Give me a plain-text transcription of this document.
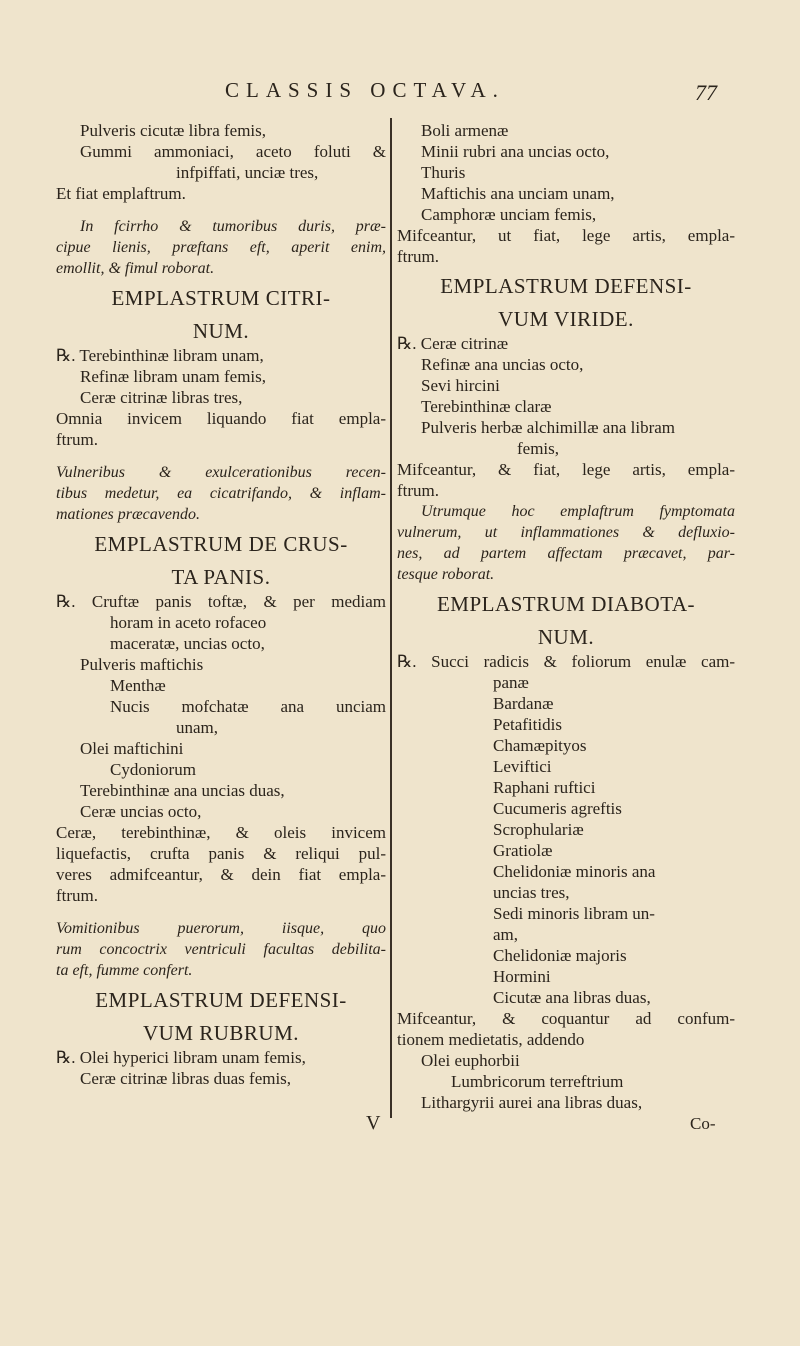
CLASSIS OCTAVA.	77
Pulveris cicutæ libra femis,
Gummi ammoniaci, aceto foluti &
infpiffati, unciæ tres,
Et fiat emplaftrum.
In fcirrho & tumoribus duris, præ-
cipue lienis, præftans eft, aperit enim,
emollit, & fimul roborat.
EMPLASTRUM CITRI-
NUM.
℞. Terebinthinæ libram unam,
Refinæ libram unam femis,
Ceræ citrinæ libras tres,
Omnia invicem liquando fiat empla-
ftrum.
Vulneribus & exulcerationibus recen-
tibus medetur, ea cicatrifando, & inflam-
mationes præcavendo.
EMPLASTRUM DE CRUS-
TA PANIS.
℞. Cruftæ panis toftæ, & per mediam
horam in aceto rofaceo
maceratæ, uncias octo,
Pulveris maftichis
Menthæ
Nucis mofchatæ ana unciam
unam,
Olei maftichini
Cydoniorum
Terebinthinæ ana uncias duas,
Ceræ uncias octo,
Ceræ, terebinthinæ, & oleis invicem
liquefactis, crufta panis & reliqui pul-
veres admifceantur, & dein fiat empla-
ftrum.
Vomitionibus puerorum, iisque, quo
rum concoctrix ventriculi facultas debilita-
ta eft, fumme confert.
EMPLASTRUM DEFENSI-
VUM RUBRUM.
℞. Olei hyperici libram unam femis,
Ceræ citrinæ libras duas femis,
Boli armenæ
Minii rubri ana uncias octo,
Thuris
Maftichis ana unciam unam,
Camphoræ unciam femis,
Mifceantur, ut fiat, lege artis, empla-
ftrum.
EMPLASTRUM DEFENSI-
VUM VIRIDE.
℞. Ceræ citrinæ
Refinæ ana uncias octo,
Sevi hircini
Terebinthinæ claræ
Pulveris herbæ alchimillæ ana libram
femis,
Mifceantur, & fiat, lege artis, empla-
ftrum.
Utrumque hoc emplaftrum fymptomata
vulnerum, ut inflammationes & defluxio-
nes, ad partem affectam præcavet, par-
tesque roborat.
EMPLASTRUM DIABOTA-
NUM.
℞. Succi radicis & foliorum enulæ cam-
panæ
Bardanæ
Petafitidis
Chamæpityos
Leviftici
Raphani ruftici
Cucumeris agreftis
Scrophulariæ
Gratiolæ
Chelidoniæ minoris ana
uncias tres,
Sedi minoris libram un-
am,
Chelidoniæ majoris
Hormini
Cicutæ ana libras duas,
Mifceantur, & coquantur ad confum-
tionem medietatis, addendo
Olei euphorbii
Lumbricorum terreftrium
Lithargyrii aurei ana libras duas,
V	Co-
